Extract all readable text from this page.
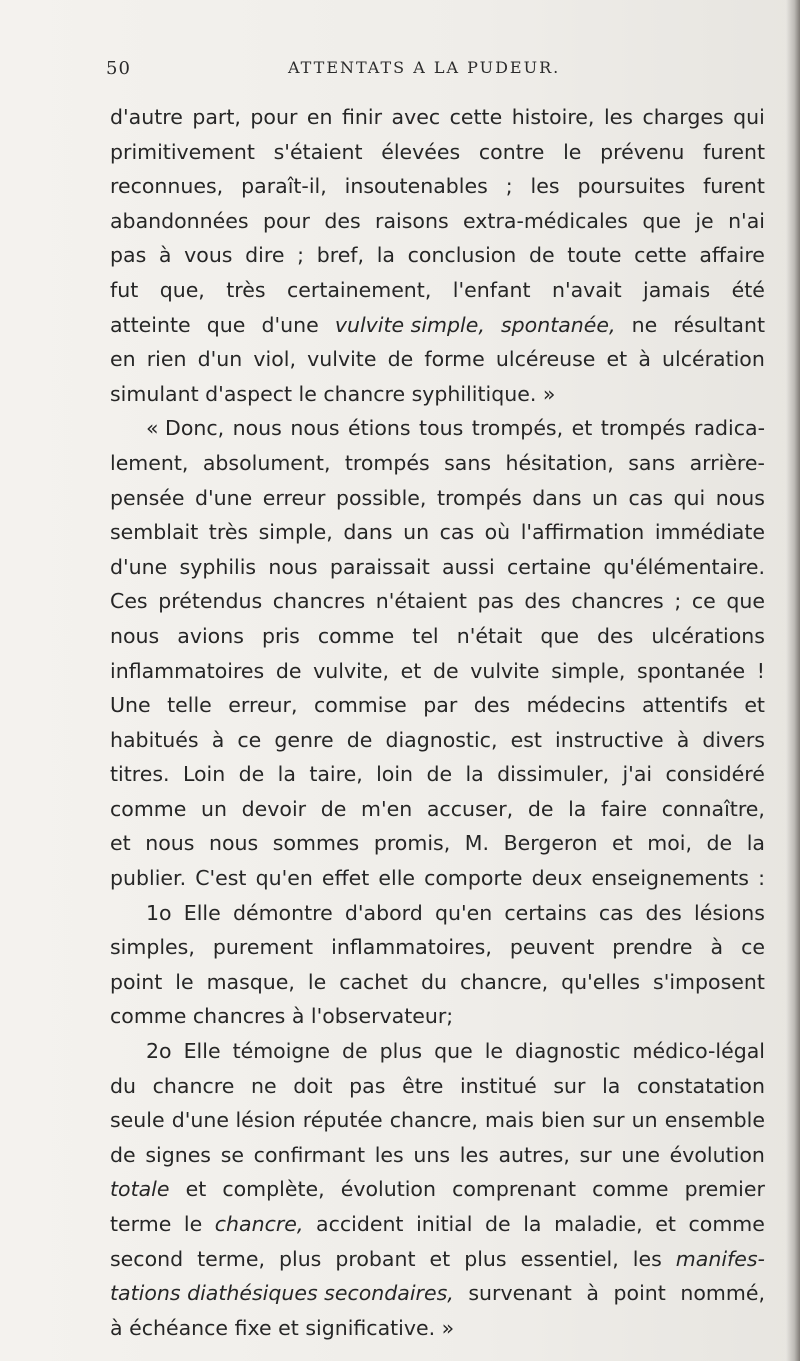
50	ATTENTATS A LA PUDEUR.
d'autre part, pour en finir avec cette histoire, les charges qui
primitivement s'étaient élevées contre le prévenu furent
reconnues, paraît-il, insoutenables ; les poursuites furent
abandonnées pour des raisons extra-médicales que je n'ai
pas à vous dire ; bref, la conclusion de toute cette affaire
fut que, très certainement, l'enfant n'avait jamais été
atteinte que d'une vulvite simple, spontanée, ne résultant
en rien d'un viol, vulvite de forme ulcéreuse et à ulcération
simulant d'aspect le chancre syphilitique. »
« Donc, nous nous étions tous trompés, et trompés radica-
lement, absolument, trompés sans hésitation, sans arrière-
pensée d'une erreur possible, trompés dans un cas qui nous
semblait très simple, dans un cas où l'affirmation immédiate
d'une syphilis nous paraissait aussi certaine qu'élémentaire.
Ces prétendus chancres n'étaient pas des chancres ; ce que
nous avions pris comme tel n'était que des ulcérations
inflammatoires de vulvite, et de vulvite simple, spontanée !
Une telle erreur, commise par des médecins attentifs et
habitués à ce genre de diagnostic, est instructive à divers
titres. Loin de la taire, loin de la dissimuler, j'ai considéré
comme un devoir de m'en accuser, de la faire connaître,
et nous nous sommes promis, M. Bergeron et moi, de la
publier. C'est qu'en effet elle comporte deux enseignements :
1o Elle démontre d'abord qu'en certains cas des lésions
simples, purement inflammatoires, peuvent prendre à ce
point le masque, le cachet du chancre, qu'elles s'imposent
comme chancres à l'observateur;
2o Elle témoigne de plus que le diagnostic médico-légal
du chancre ne doit pas être institué sur la constatation
seule d'une lésion réputée chancre, mais bien sur un ensemble
de signes se confirmant les uns les autres, sur une évolution
totale et complète, évolution comprenant comme premier
terme le chancre, accident initial de la maladie, et comme
second terme, plus probant et plus essentiel, les manifes-
tations diathésiques secondaires, survenant à point nommé,
à échéance fixe et significative. »
